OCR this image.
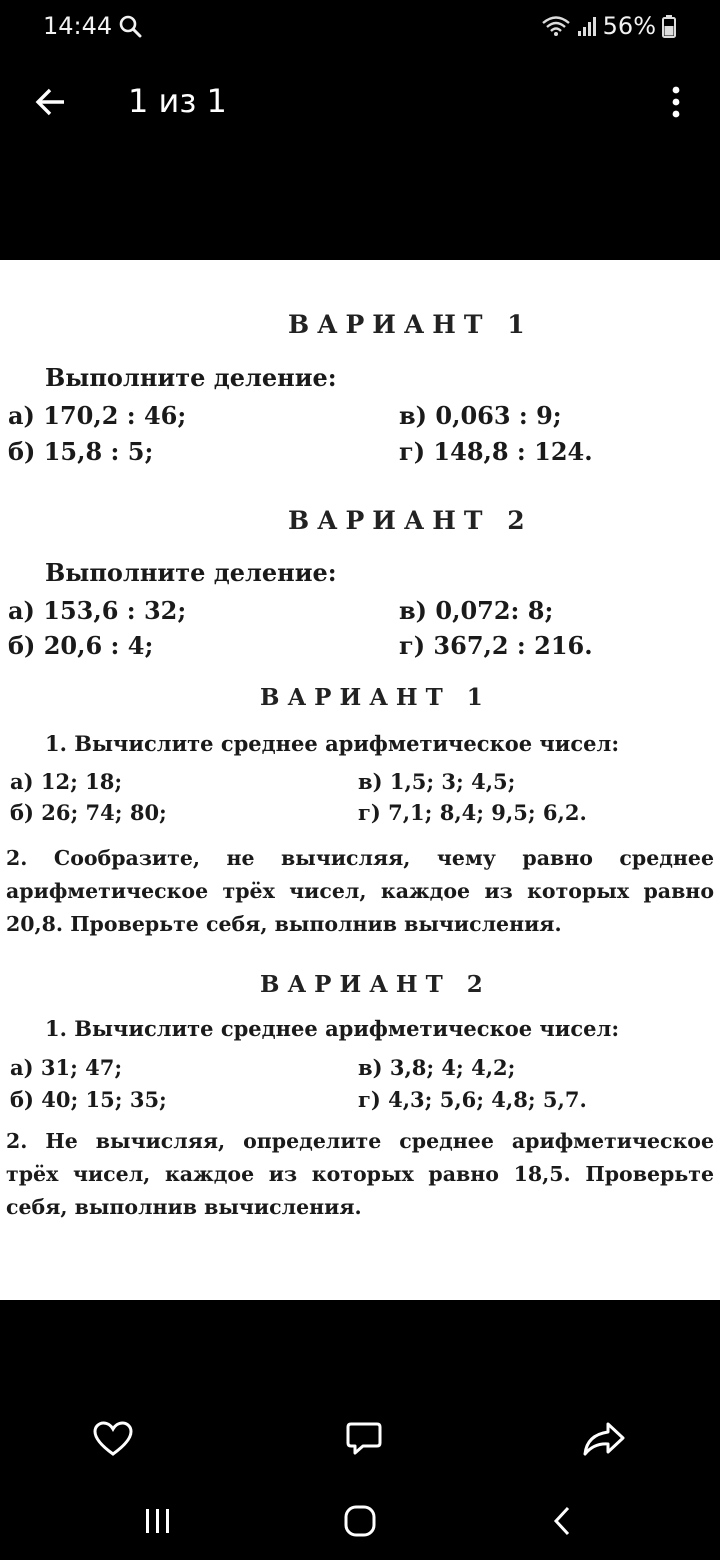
14:44	56%
1 из 1
ВАРИАНТ 1
Выполните деление:
а) 170,2 : 46;
б) 15,8 : 5;
в) 0,063 : 9;
г) 148,8 : 124.
ВАРИАНТ 2
Выполните деление:
а) 153,6 : 32;
б) 20,6 : 4;
в) 0,072: 8;
г) 367,2 : 216.
ВАРИАНТ 1
1. Вычислите среднее арифметическое чисел:
а) 12; 18;
б) 26; 74; 80;
в) 1,5; 3; 4,5;
г) 7,1; 8,4; 9,5; 6,2.
2. Сообразите, не вычисляя, чему равно среднее арифметическое трёх чисел, каждое из которых равно 20,8. Проверьте себя, выполнив вычисления.
ВАРИАНТ 2
1. Вычислите среднее арифметическое чисел:
а) 31; 47;
б) 40; 15; 35;
в) 3,8; 4; 4,2;
г) 4,3; 5,6; 4,8; 5,7.
2. Не вычисляя, определите среднее арифметическое трёх чисел, каждое из которых равно 18,5. Проверьте себя, выполнив вычисления.
